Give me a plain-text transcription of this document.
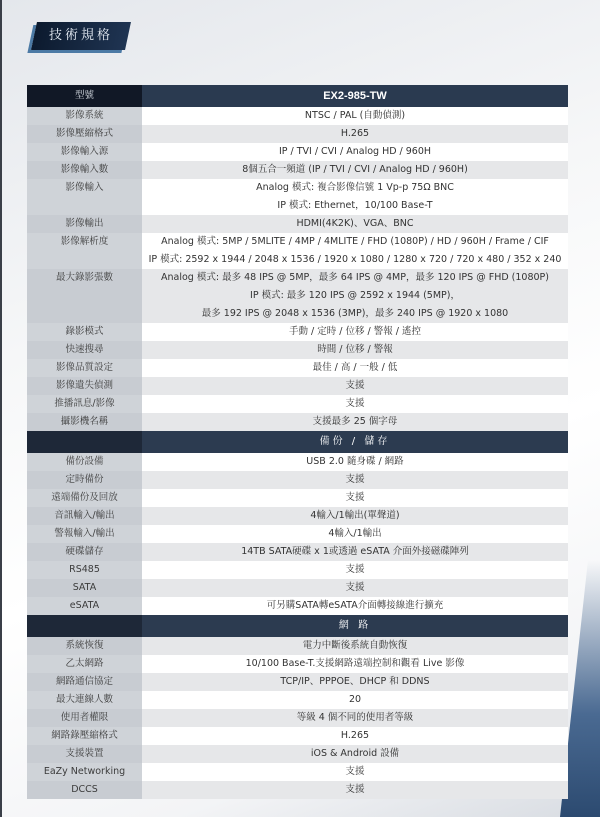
技術規格
型號	EX2-985-TW
影像系統	NTSC / PAL (自動偵測)

影像壓縮格式	H.265

影像輸入源	IP / TVI / CVI / Analog HD / 960H

影像輸入數	8個五合一頻道 (IP / TVI / CVI / Analog HD / 960H)

影像輸入	Analog 模式: 複合影像信號 1 Vp-p 75Ω BNC
IP 模式: Ethernet，10/100 Base-T

影像輸出	HDMI(4K2K)、VGA、BNC

影像解析度	Analog 模式: 5MP / 5MLITE / 4MP / 4MLITE / FHD (1080P) / HD / 960H / Frame / CIF
IP 模式: 2592 x 1944 / 2048 x 1536 / 1920 x 1080 / 1280 x 720 / 720 x 480 / 352 x 240

最大錄影張數	Analog 模式: 最多 48 IPS @ 5MP，最多 64 IPS @ 4MP，最多 120 IPS @ FHD (1080P)
IP 模式: 最多 120 IPS @ 2592 x 1944 (5MP)，
最多 192 IPS @ 2048 x 1536 (3MP)，最多 240 IPS @ 1920 x 1080

錄影模式	手動 / 定時 / 位移 / 警報 / 遙控

快速搜尋	時間 / 位移 / 警報

影像品質設定	最佳 / 高 / 一般 / 低

影像遺失偵測	支援

推播訊息/影像	支援

攝影機名稱	支援最多 25 個字母

	備份 / 儲存
備份設備	USB 2.0 隨身碟 / 網路

定時備份	支援

遠端備份及回放	支援

音訊輸入/輸出	4輸入/1輸出(單聲道)

警報輸入/輸出	4輸入/1輸出

硬碟儲存	14TB SATA硬碟 x 1或透過 eSATA 介面外接磁碟陣列

RS485	支援

SATA	支援

eSATA	可另購SATA轉eSATA介面轉接線進行擴充

	網 路
系統恢復	電力中斷後系統自動恢復

乙太網路	10/100 Base-T.支援網路遠端控制和觀看 Live 影像

網路通信協定	TCP/IP、PPPOE、DHCP 和 DDNS

最大連線人數	20

使用者權限	等級 4 個不同的使用者等級

網路錄壓縮格式	H.265

支援裝置	iOS & Android 設備

EaZy Networking	支援

DCCS	支援
